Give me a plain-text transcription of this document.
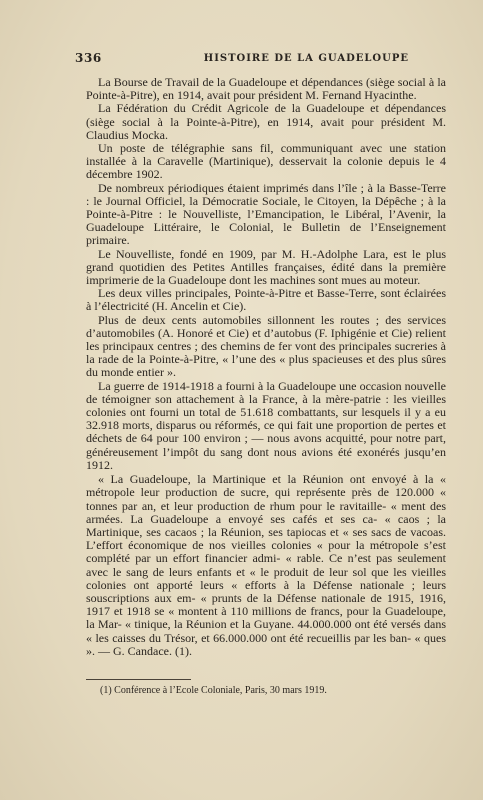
336	HISTOIRE DE LA GUADELOUPE

La Bourse de Travail de la Guadeloupe et dépendances (siège social à la Pointe-à-Pitre), en 1914, avait pour président M. Fernand Hyacinthe.

La Fédération du Crédit Agricole de la Guadeloupe et dépendances (siège social à la Pointe-à-Pitre), en 1914, avait pour président M. Claudius Mocka.

Un poste de télégraphie sans fil, communiquant avec une station installée à la Caravelle (Martinique), desservait la colonie depuis le 4 décembre 1902.

De nombreux périodiques étaient imprimés dans l’île ; à la Basse-Terre : le Journal Officiel, la Démocratie Sociale, le Citoyen, la Dépêche ; à la Pointe-à-Pitre : le Nouvelliste, l’Emancipation, le Libéral, l’Avenir, la Guadeloupe Littéraire, le Colonial, le Bulletin de l’Enseignement primaire.

Le Nouvelliste, fondé en 1909, par M. H.-Adolphe Lara, est le plus grand quotidien des Petites Antilles françaises, édité dans la première imprimerie de la Guadeloupe dont les machines sont mues au moteur.

Les deux villes principales, Pointe-à-Pitre et Basse-Terre, sont éclairées à l’électricité (H. Ancelin et Cie).

Plus de deux cents automobiles sillonnent les routes ; des services d’automobiles (A. Honoré et Cie) et d’autobus (F. Iphigénie et Cie) relient les principaux centres ; des chemins de fer vont des principales sucreries à la rade de la Pointe-à-Pitre, « l’une des « plus spacieuses et des plus sûres du monde entier ».

La guerre de 1914-1918 a fourni à la Guadeloupe une occasion nouvelle de témoigner son attachement à la France, à la mère-patrie : les vieilles colonies ont fourni un total de 51.618 combattants, sur lesquels il y a eu 32.918 morts, disparus ou réformés, ce qui fait une proportion de pertes et déchets de 64 pour 100 environ ; — nous avons acquitté, pour notre part, généreusement l’impôt du sang dont nous avions été exonérés jusqu’en 1912.

« La Guadeloupe, la Martinique et la Réunion ont envoyé à la « métropole leur production de sucre, qui représente près de 120.000 « tonnes par an, et leur production de rhum pour le ravitaille- « ment des armées. La Guadeloupe a envoyé ses cafés et ses ca- « caos ; la Martinique, ses cacaos ; la Réunion, ses tapiocas et « ses sacs de vacoas. L’effort économique de nos vieilles colonies « pour la métropole s’est complété par un effort financier admi- « rable. Ce n’est pas seulement avec le sang de leurs enfants et « le produit de leur sol que les vieilles colonies ont apporté leurs « efforts à la Défense nationale ; leurs souscriptions aux em- « prunts de la Défense nationale de 1915, 1916, 1917 et 1918 se « montent à 110 millions de francs, pour la Guadeloupe, la Mar- « tinique, la Réunion et la Guyane. 44.000.000 ont été versés dans « les caisses du Trésor, et 66.000.000 ont été recueillis par les ban- « ques ». — G. Candace. (1).

(1) Conférence à l’Ecole Coloniale, Paris, 30 mars 1919.
